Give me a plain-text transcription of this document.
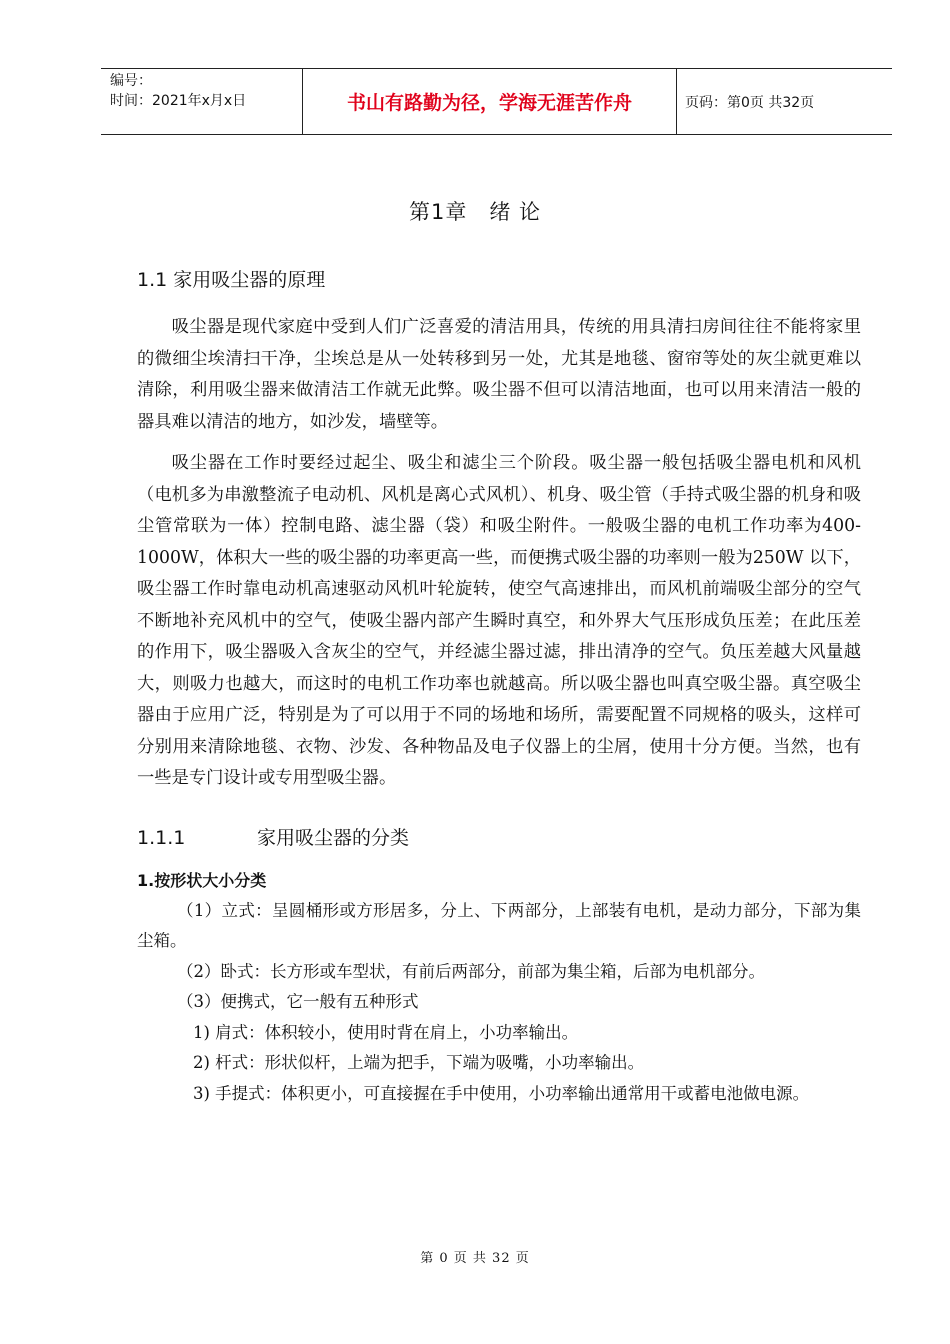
编号：
时间：2021年x月x日	书山有路勤为径，学海无涯苦作舟	页码：第0页 共32页
第1章 绪 论
1.1 家用吸尘器的原理

吸尘器是现代家庭中受到人们广泛喜爱的清洁用具，传统的用具清扫房间往往不能将家里的微细尘埃清扫干净，尘埃总是从一处转移到另一处，尤其是地毯、窗帘等处的灰尘就更难以清除，利用吸尘器来做清洁工作就无此弊。吸尘器不但可以清洁地面，也可以用来清洁一般的器具难以清洁的地方，如沙发，墙壁等。

吸尘器在工作时要经过起尘、吸尘和滤尘三个阶段。吸尘器一般包括吸尘器电机和风机（电机多为串激整流子电动机、风机是离心式风机）、机身、吸尘管（手持式吸尘器的机身和吸尘管常联为一体）控制电路、滤尘器（袋）和吸尘附件。一般吸尘器的电机工作功率为400-1000W，体积大一些的吸尘器的功率更高一些，而便携式吸尘器的功率则一般为250W 以下，吸尘器工作时靠电动机高速驱动风机叶轮旋转，使空气高速排出，而风机前端吸尘部分的空气不断地补充风机中的空气，使吸尘器内部产生瞬时真空，和外界大气压形成负压差；在此压差的作用下，吸尘器吸入含灰尘的空气，并经滤尘器过滤，排出清净的空气。负压差越大风量越大，则吸力也越大，而这时的电机工作功率也就越高。所以吸尘器也叫真空吸尘器。真空吸尘器由于应用广泛，特别是为了可以用于不同的场地和场所，需要配置不同规格的吸头，这样可分别用来清除地毯、衣物、沙发、各种物品及电子仪器上的尘屑，使用十分方便。当然，也有一些是专门设计或专用型吸尘器。

1.1.1	家用吸尘器的分类
1.按形状大小分类

（1）立式：呈圆桶形或方形居多，分上、下两部分，上部装有电机，是动力部分，下部为集尘箱。

（2）卧式：长方形或车型状，有前后两部分，前部为集尘箱，后部为电机部分。

（3）便携式，它一般有五种形式

1) 肩式：体积较小，使用时背在肩上，小功率输出。

2) 杆式：形状似杆，上端为把手，下端为吸嘴，小功率输出。

3) 手提式：体积更小，可直接握在手中使用，小功率输出通常用干或蓄电池做电源。

第 0 页 共 32 页
